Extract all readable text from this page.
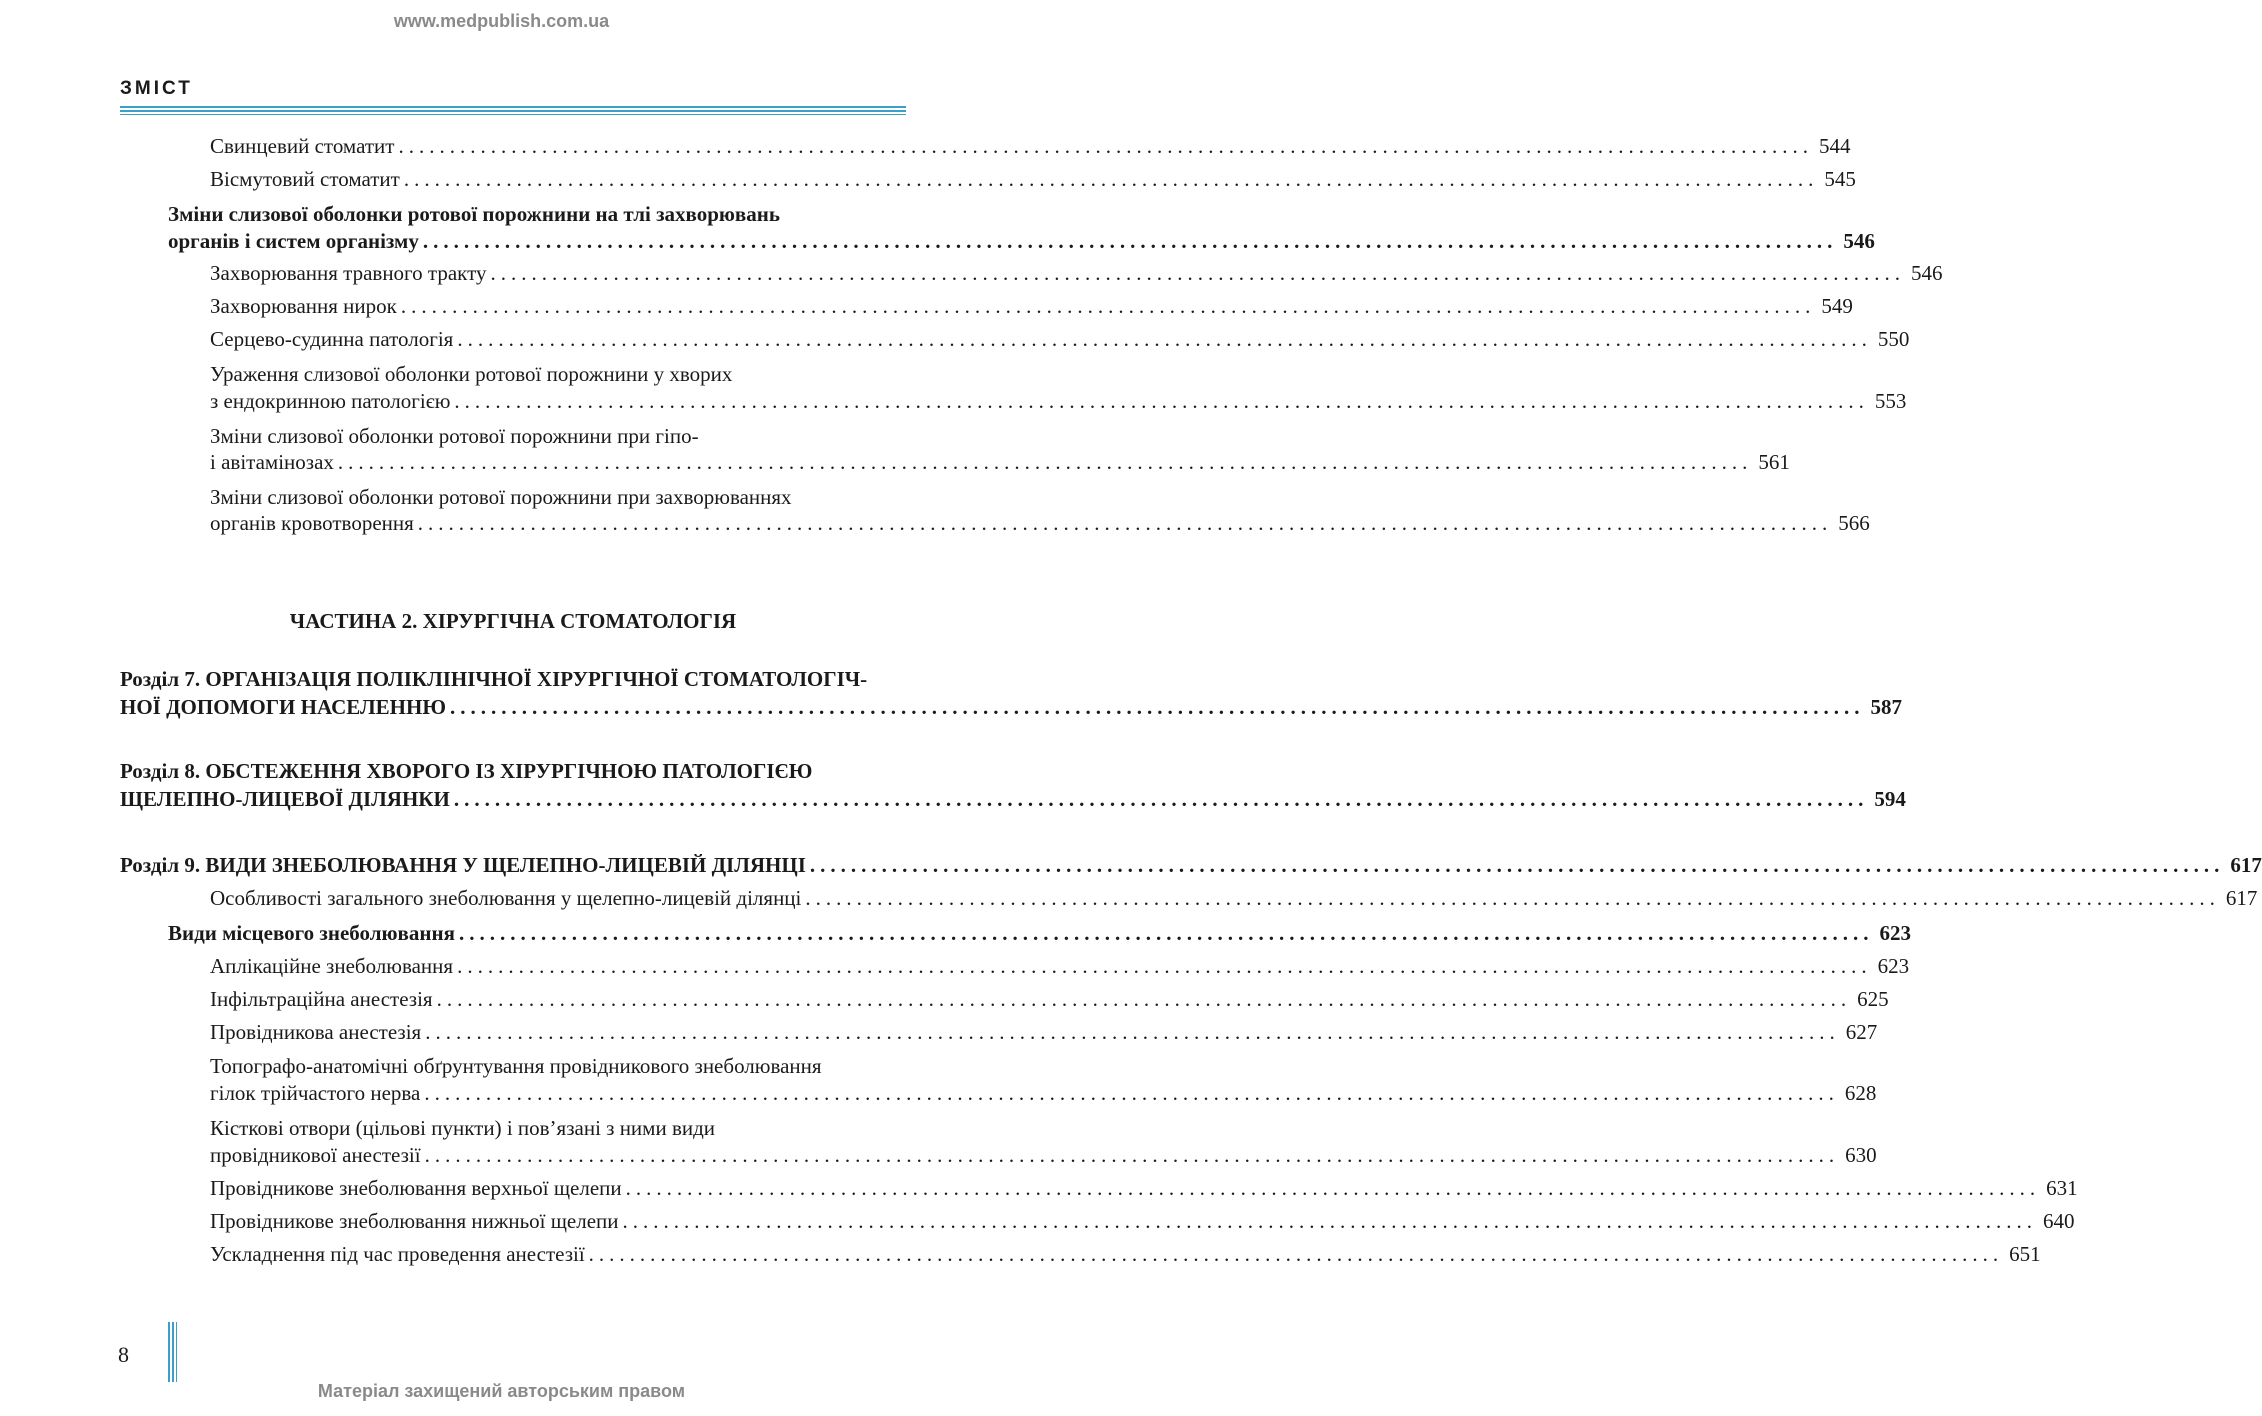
www.medpublish.com.ua
ЗМІСТ
Свинцевий стоматит .......................................................................................................................................... 544
Вісмутовий стоматит .......................................................................................................................................... 545
Зміни слизової оболонки ротової порожнини на тлі захворювань
органів і систем організму .......................................................................................................................................... 546
Захворювання травного тракту .......................................................................................................................................... 546
Захворювання нирок .......................................................................................................................................... 549
Серцево-судинна патологія .......................................................................................................................................... 550
Ураження слизової оболонки ротової порожнини у хворих
з ендокринною патологією .......................................................................................................................................... 553
Зміни слизової оболонки ротової порожнини при гіпо-
і авітамінозах .......................................................................................................................................... 561
Зміни слизової оболонки ротової порожнини при захворюваннях
органів кровотворення .......................................................................................................................................... 566
ЧАСТИНА 2. ХІРУРГІЧНА СТОМАТОЛОГІЯ
Розділ 7. ОРГАНІЗАЦІЯ ПОЛІКЛІНІЧНОЇ ХІРУРГІЧНОЇ СТОМАТОЛОГІЧ-
НОЇ ДОПОМОГИ НАСЕЛЕННЮ .......................................................................................................................................... 587
Розділ 8. ОБСТЕЖЕННЯ ХВОРОГО ІЗ ХІРУРГІЧНОЮ ПАТОЛОГІЄЮ
ЩЕЛЕПНО-ЛИЦЕВОЇ ДІЛЯНКИ .......................................................................................................................................... 594
Розділ 9. ВИДИ ЗНЕБОЛЮВАННЯ У ЩЕЛЕПНО-ЛИЦЕВІЙ ДІЛЯНЦІ .......................................................................................................................................... 617
Особливості загального знеболювання у щелепно-лицевій ділянці .......................................................................................................................................... 617
Види місцевого знеболювання .......................................................................................................................................... 623
Аплікаційне знеболювання .......................................................................................................................................... 623
Інфільтраційна анестезія .......................................................................................................................................... 625
Провідникова анестезія .......................................................................................................................................... 627
Топографо-анатомічні обґрунтування провідникового знеболювання
гілок трійчастого нерва .......................................................................................................................................... 628
Кісткові отвори (цільові пункти) і пов’язані з ними види
провідникової анестезії .......................................................................................................................................... 630
Провідникове знеболювання верхньої щелепи .......................................................................................................................................... 631
Провідникове знеболювання нижньої щелепи .......................................................................................................................................... 640
Ускладнення під час проведення анестезії .......................................................................................................................................... 651
8
Матеріал захищений авторським правом
